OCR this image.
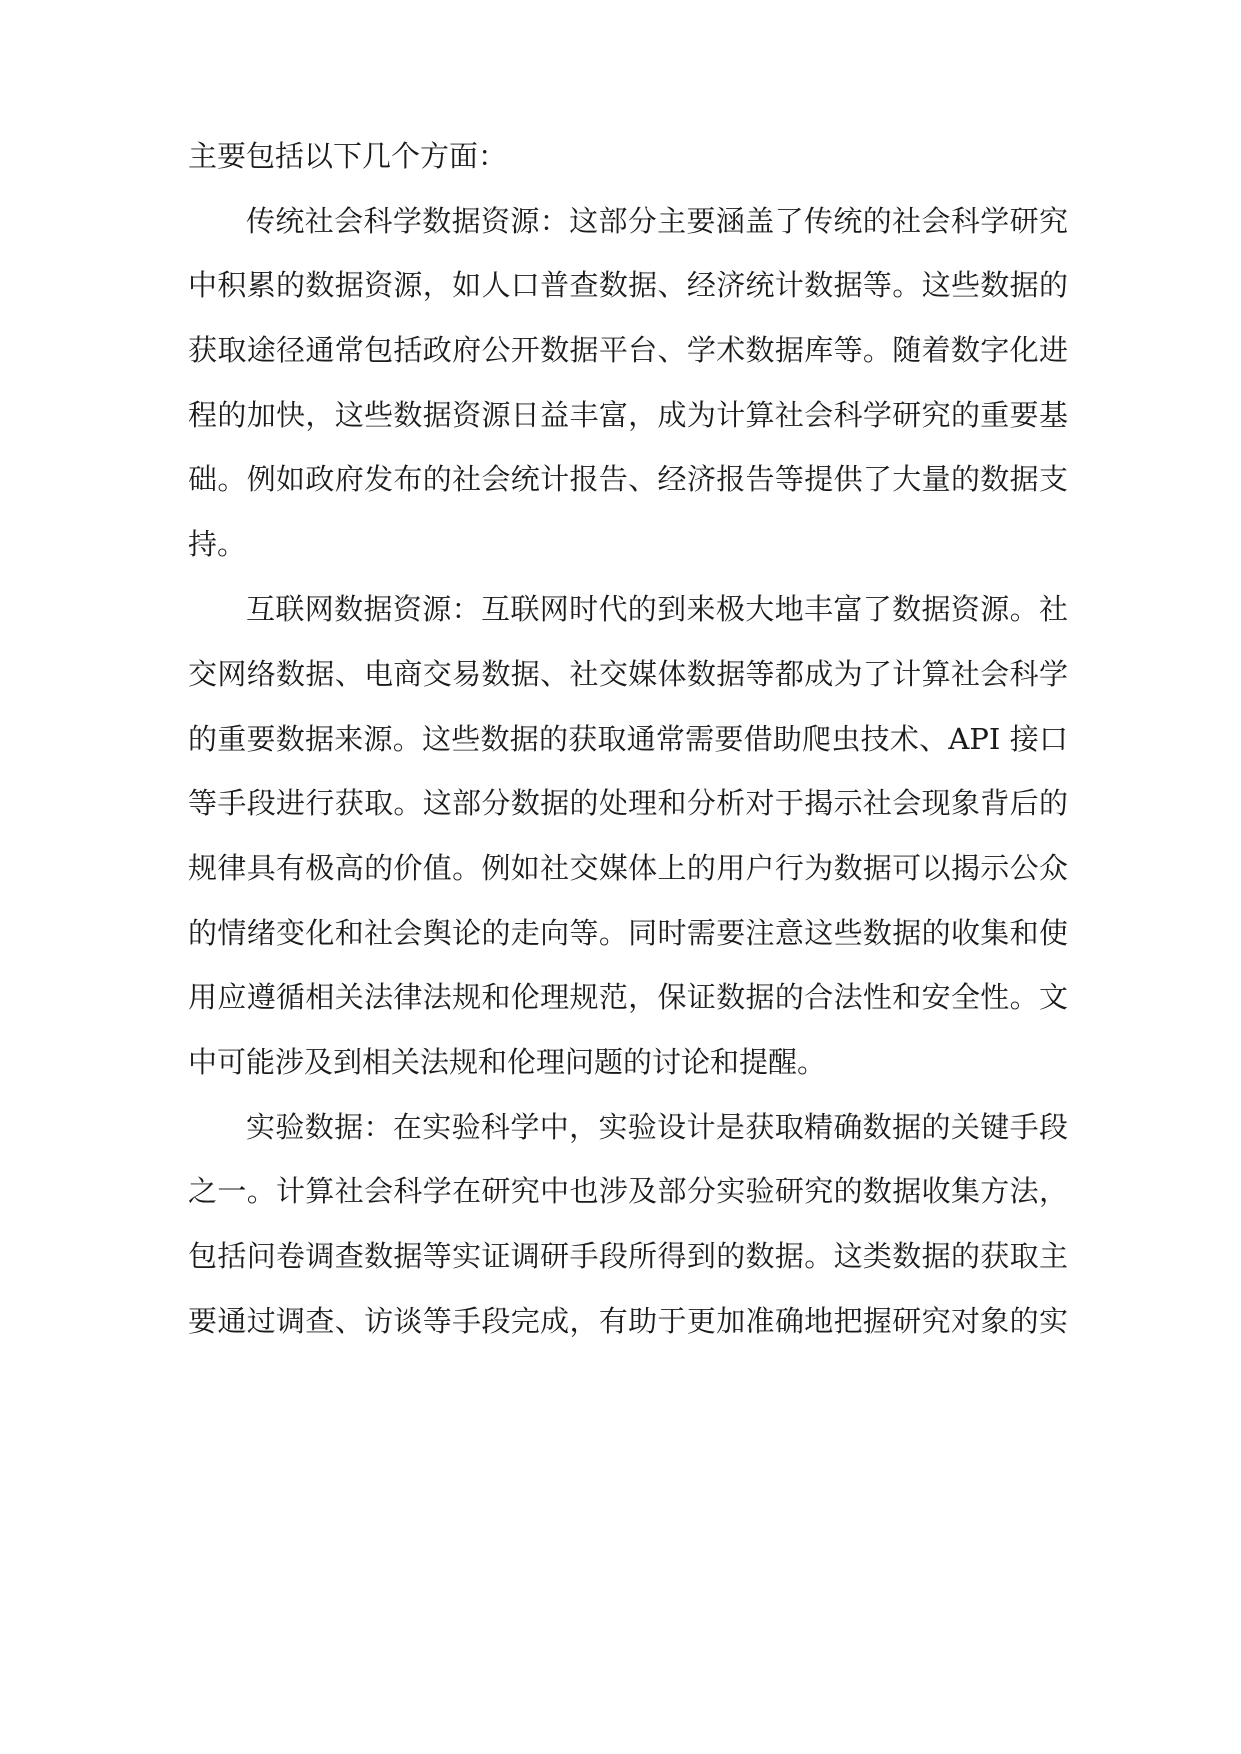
主要包括以下几个方面：
传统社会科学数据资源：这部分主要涵盖了传统的社会科学研究
中积累的数据资源，如人口普查数据、经济统计数据等。这些数据的
获取途径通常包括政府公开数据平台、学术数据库等。随着数字化进
程的加快，这些数据资源日益丰富，成为计算社会科学研究的重要基
础。例如政府发布的社会统计报告、经济报告等提供了大量的数据支
持。
互联网数据资源：互联网时代的到来极大地丰富了数据资源。社
交网络数据、电商交易数据、社交媒体数据等都成为了计算社会科学
的重要数据来源。这些数据的获取通常需要借助爬虫技术、API 接口
等手段进行获取。这部分数据的处理和分析对于揭示社会现象背后的
规律具有极高的价值。例如社交媒体上的用户行为数据可以揭示公众
的情绪变化和社会舆论的走向等。同时需要注意这些数据的收集和使
用应遵循相关法律法规和伦理规范，保证数据的合法性和安全性。文
中可能涉及到相关法规和伦理问题的讨论和提醒。
实验数据：在实验科学中，实验设计是获取精确数据的关键手段
之一。计算社会科学在研究中也涉及部分实验研究的数据收集方法，
包括问卷调查数据等实证调研手段所得到的数据。这类数据的获取主
要通过调查、访谈等手段完成，有助于更加准确地把握研究对象的实
